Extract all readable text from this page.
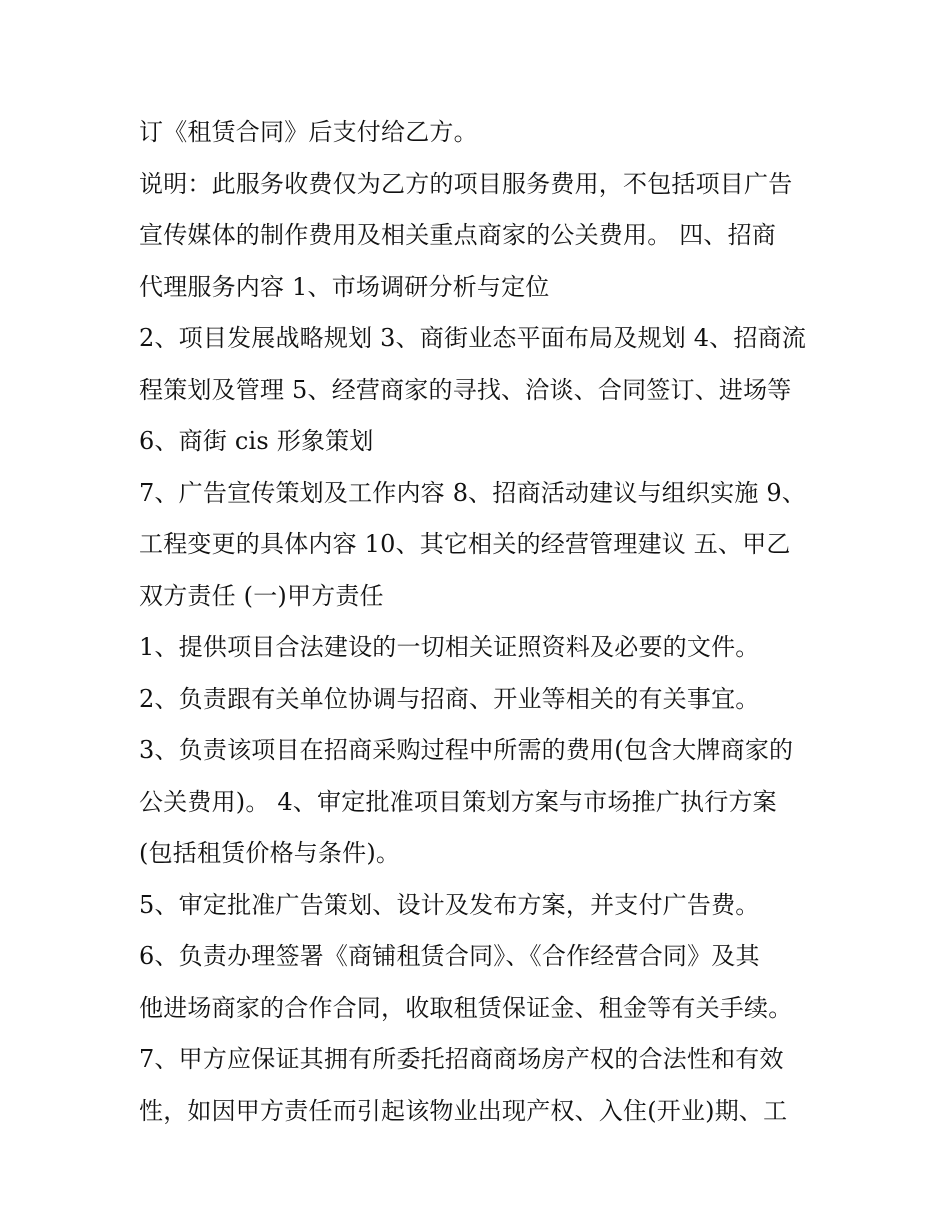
订《租赁合同》后支付给乙方。
说明：此服务收费仅为乙方的项目服务费用，不包括项目广告
宣传媒体的制作费用及相关重点商家的公关费用。 四、招商
代理服务内容 1、市场调研分析与定位
2、项目发展战略规划 3、商街业态平面布局及规划 4、招商流
程策划及管理 5、经营商家的寻找、洽谈、合同签订、进场等
6、商街 cis 形象策划
7、广告宣传策划及工作内容 8、招商活动建议与组织实施 9、
工程变更的具体内容 10、其它相关的经营管理建议 五、甲乙
双方责任 (一)甲方责任
1、提供项目合法建设的一切相关证照资料及必要的文件。
2、负责跟有关单位协调与招商、开业等相关的有关事宜。
3、负责该项目在招商采购过程中所需的费用(包含大牌商家的
公关费用)。 4、审定批准项目策划方案与市场推广执行方案
(包括租赁价格与条件)。
5、审定批准广告策划、设计及发布方案，并支付广告费。
6、负责办理签署《商铺租赁合同》、《合作经营合同》及其
他进场商家的合作合同，收取租赁保证金、租金等有关手续。
7、甲方应保证其拥有所委托招商商场房产权的合法性和有效
性，如因甲方责任而引起该物业出现产权、入住(开业)期、工
